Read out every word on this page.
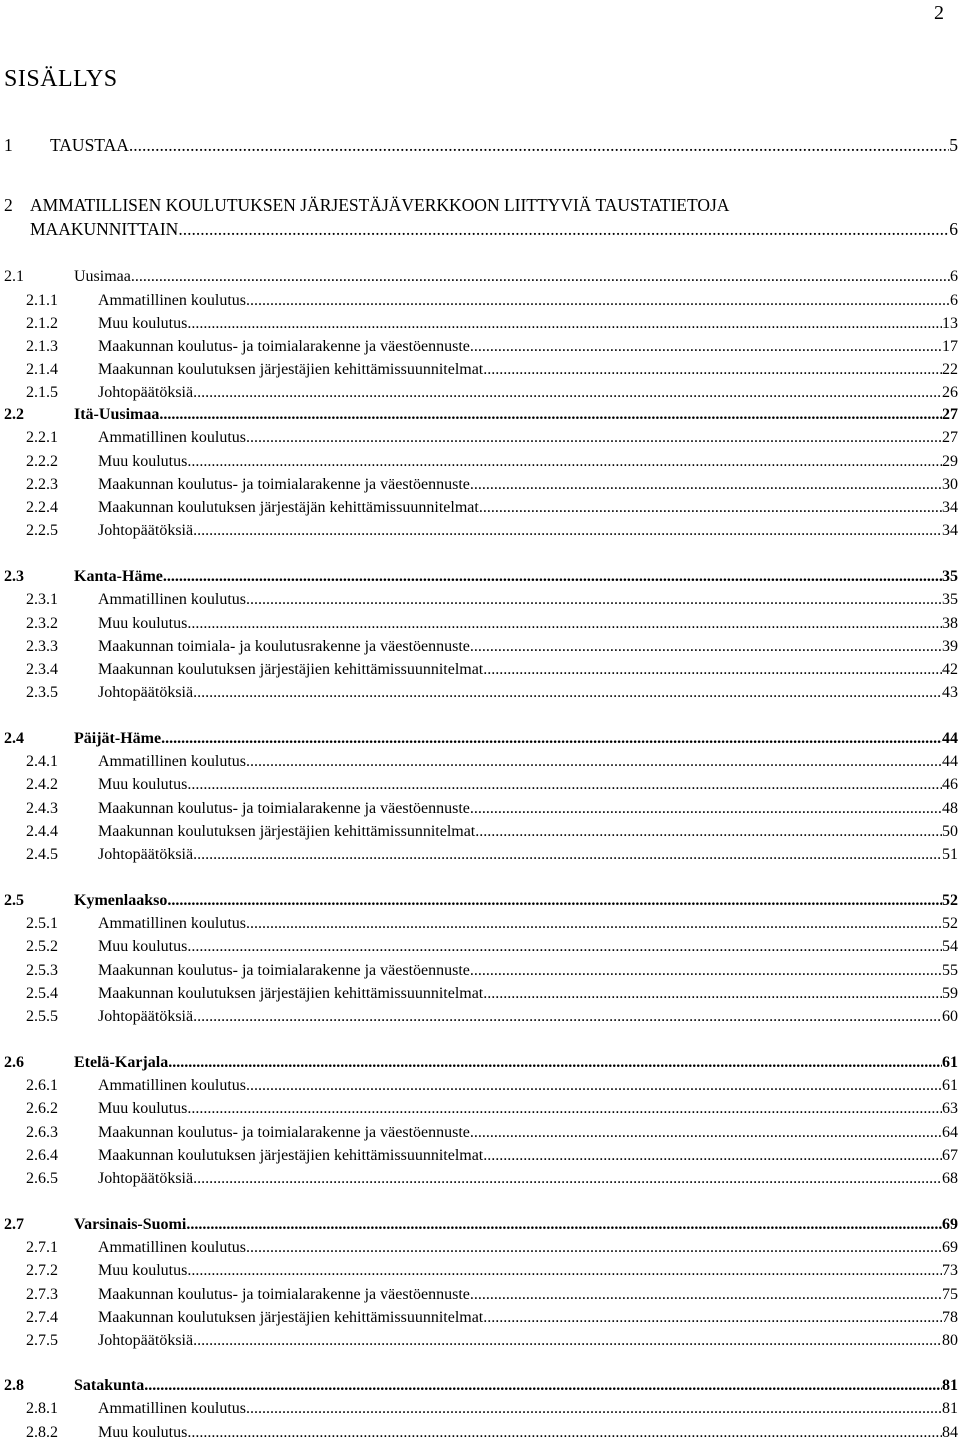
2
SISÄLLYS
1 TAUSTAA .....	5
2 AMMATILLISEN KOULUTUKSEN JÄRJESTÄJÄVERKKOON LIITTYVIÄ TAUSTATIETOJA
MAAKUNNITTAIN .....	6
2.1	Uusimaa .....	6
2.1.1	Ammatillinen koulutus .....	6
2.1.2	Muu koulutus .....	13
2.1.3	Maakunnan koulutus- ja toimialarakenne ja väestöennuste .....	17
2.1.4	Maakunnan koulutuksen järjestäjien kehittämissuunnitelmat .....	22
2.1.5	Johtopäätöksiä .....	26
2.2	Itä-Uusimaa .....	27
2.2.1	Ammatillinen koulutus .....	27
2.2.2	Muu koulutus .....	29
2.2.3	Maakunnan koulutus- ja toimialarakenne ja väestöennuste .....	30
2.2.4	Maakunnan koulutuksen järjestäjän kehittämissuunnitelmat .....	34
2.2.5	Johtopäätöksiä .....	34
2.3	Kanta-Häme .....	35
2.3.1	Ammatillinen koulutus .....	35
2.3.2	Muu koulutus .....	38
2.3.3	Maakunnan toimiala- ja koulutusrakenne ja väestöennuste .....	39
2.3.4	Maakunnan koulutuksen järjestäjien kehittämissuunnitelmat .....	42
2.3.5	Johtopäätöksiä .....	43
2.4	Päijät-Häme .....	44
2.4.1	Ammatillinen koulutus .....	44
2.4.2	Muu koulutus .....	46
2.4.3	Maakunnan koulutus- ja toimialarakenne ja väestöennuste .....	48
2.4.4	Maakunnan koulutuksen järjestäjien kehittämissunnitelmat .....	50
2.4.5	Johtopäätöksiä .....	51
2.5	Kymenlaakso .....	52
2.5.1	Ammatillinen koulutus .....	52
2.5.2	Muu koulutus .....	54
2.5.3	Maakunnan koulutus- ja toimialarakenne ja väestöennuste .....	55
2.5.4	Maakunnan koulutuksen järjestäjien kehittämissuunnitelmat .....	59
2.5.5	Johtopäätöksiä .....	60
2.6	Etelä-Karjala .....	61
2.6.1	Ammatillinen koulutus .....	61
2.6.2	Muu koulutus .....	63
2.6.3	Maakunnan koulutus- ja toimialarakenne ja väestöennuste .....	64
2.6.4	Maakunnan koulutuksen järjestäjien kehittämissuunnitelmat .....	67
2.6.5	Johtopäätöksiä .....	68
2.7	Varsinais-Suomi .....	69
2.7.1	Ammatillinen koulutus .....	69
2.7.2	Muu koulutus .....	73
2.7.3	Maakunnan koulutus- ja toimialarakenne ja väestöennuste .....	75
2.7.4	Maakunnan koulutuksen järjestäjien kehittämissuunnitelmat .....	78
2.7.5	Johtopäätöksiä .....	80
2.8	Satakunta .....	81
2.8.1	Ammatillinen koulutus .....	81
2.8.2	Muu koulutus .....	84
